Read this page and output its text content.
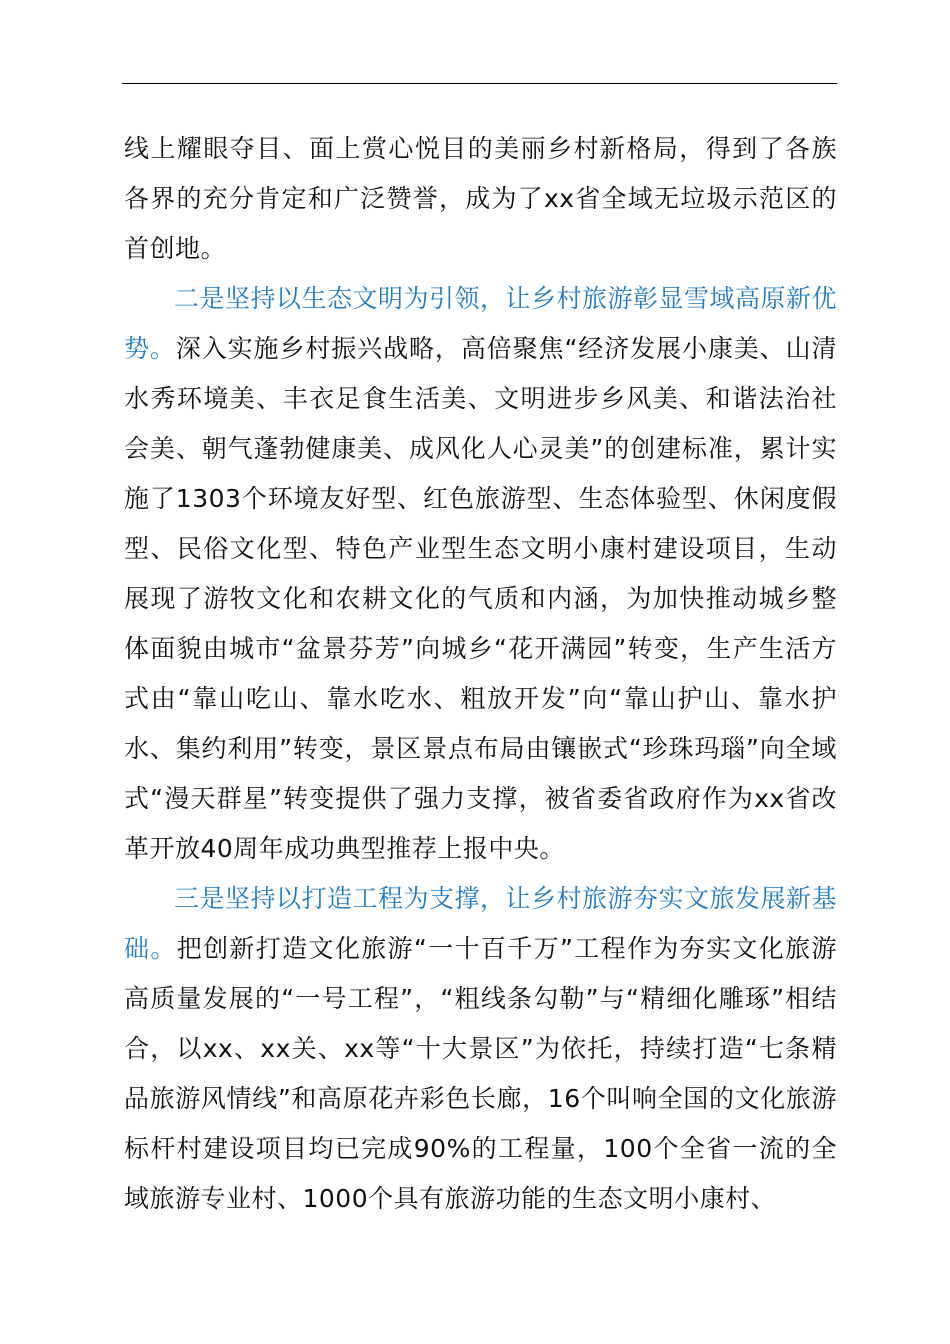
线上耀眼夺目、面上赏心悦目的美丽乡村新格局，得到了各族各界的充分肯定和广泛赞誉，成为了xx省全域无垃圾示范区的首创地。

二是坚持以生态文明为引领，让乡村旅游彰显雪域高原新优势。深入实施乡村振兴战略，高倍聚焦“经济发展小康美、山清水秀环境美、丰衣足食生活美、文明进步乡风美、和谐法治社会美、朝气蓬勃健康美、成风化人心灵美”的创建标准，累计实施了1303个环境友好型、红色旅游型、生态体验型、休闲度假型、民俗文化型、特色产业型生态文明小康村建设项目，生动展现了游牧文化和农耕文化的气质和内涵，为加快推动城乡整体面貌由城市“盆景芬芳”向城乡“花开满园”转变，生产生活方式由“靠山吃山、靠水吃水、粗放开发”向“靠山护山、靠水护水、集约利用”转变，景区景点布局由镶嵌式“珍珠玛瑙”向全域式“漫天群星”转变提供了强力支撑，被省委省政府作为xx省改革开放40周年成功典型推荐上报中央。

三是坚持以打造工程为支撑，让乡村旅游夯实文旅发展新基础。把创新打造文化旅游“一十百千万”工程作为夯实文化旅游高质量发展的“一号工程”，“粗线条勾勒”与“精细化雕琢”相结合，以xx、xx关、xx等“十大景区”为依托，持续打造“七条精品旅游风情线”和高原花卉彩色长廊，16个叫响全国的文化旅游标杆村建设项目均已完成90%的工程量，100个全省一流的全域旅游专业村、1000个具有旅游功能的生态文明小康村、
